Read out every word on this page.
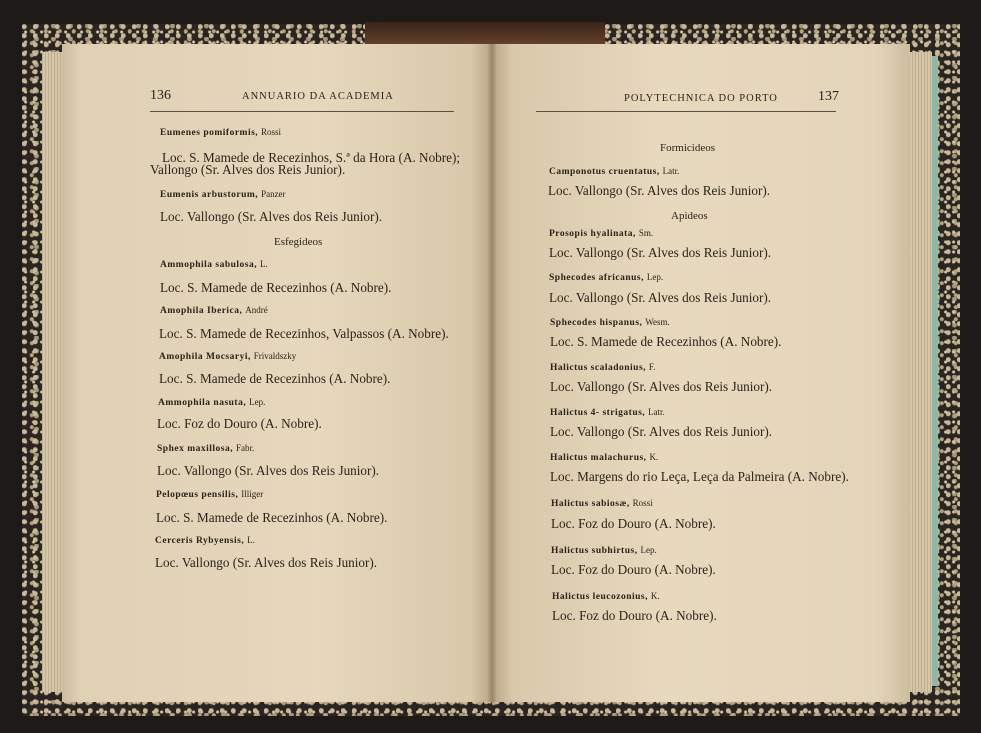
136	ANNUARIO DA ACADEMIA
Eumenes pomiformis, Rossi
Loc. S. Mamede de Recezinhos, S.ª da Hora (A. Nobre);
Vallongo (Sr. Alves dos Reis Junior).
Eumenis arbustorum, Panzer
Loc. Vallongo (Sr. Alves dos Reis Junior).
Esfegideos
Ammophila sabulosa, L.
Loc. S. Mamede de Recezinhos (A. Nobre).
Amophila Iberica, André
Loc. S. Mamede de Recezinhos, Valpassos (A. Nobre).
Amophila Mocsaryi, Frivaldszky
Loc. S. Mamede de Recezinhos (A. Nobre).
Ammophila nasuta, Lep.
Loc. Foz do Douro (A. Nobre).
Sphex maxillosa, Fabr.
Loc. Vallongo (Sr. Alves dos Reis Junior).
Pelopœus pensilis, Illiger
Loc. S. Mamede de Recezinhos (A. Nobre).
Cerceris Rybyensis, L.
Loc. Vallongo (Sr. Alves dos Reis Junior).
POLYTECHNICA DO PORTO	137
Formicideos
Camponotus cruentatus, Latr.
Loc. Vallongo (Sr. Alves dos Reis Junior).
Apideos
Prosopis hyalinata, Sm.
Loc. Vallongo (Sr. Alves dos Reis Junior).
Sphecodes africanus, Lep.
Loc. Vallongo (Sr. Alves dos Reis Junior).
Sphecodes hispanus, Wesm.
Loc. S. Mamede de Recezinhos (A. Nobre).
Halictus scaladonius, F.
Loc. Vallongo (Sr. Alves dos Reis Junior).
Halictus 4- strigatus, Latr.
Loc. Vallongo (Sr. Alves dos Reis Junior).
Halictus malachurus, K.
Loc. Margens do rio Leça, Leça da Palmeira (A. Nobre).
Halictus sabiosæ, Rossi
Loc. Foz do Douro (A. Nobre).
Halictus subhirtus, Lep.
Loc. Foz do Douro (A. Nobre).
Halictus leucozonius, K.
Loc. Foz do Douro (A. Nobre).
